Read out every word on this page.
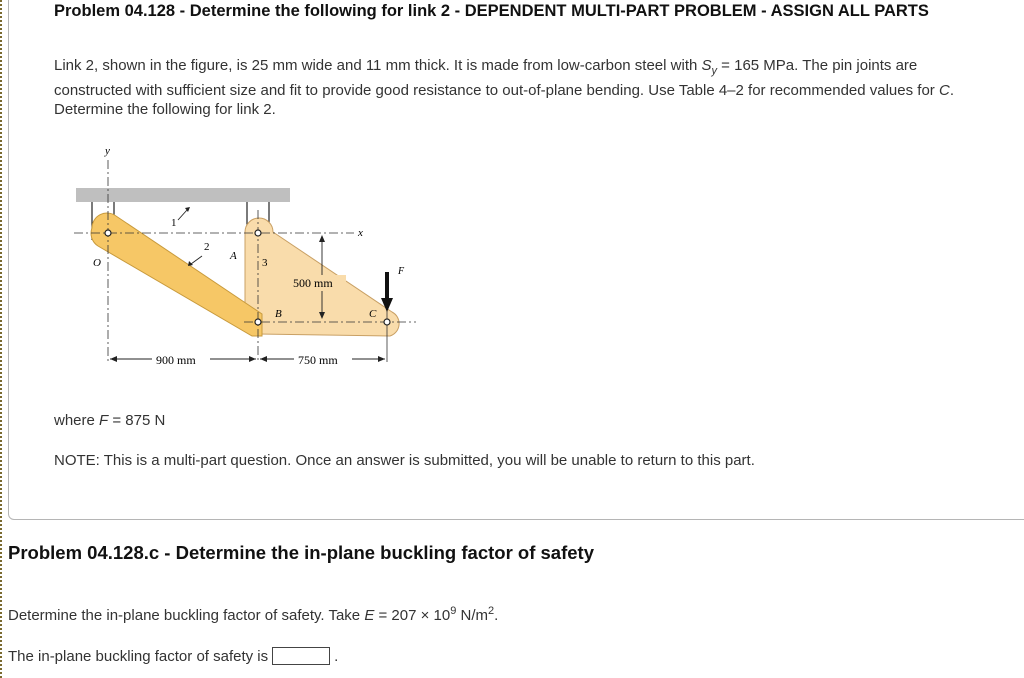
Problem 04.128 - Determine the following for link 2 - DEPENDENT MULTI-PART PROBLEM - ASSIGN ALL PARTS
Link 2, shown in the figure, is 25 mm wide and 11 mm thick. It is made from low-carbon steel with $S_y = 165$ MPa. The pin joints are constructed with sufficient size and fit to provide good resistance to out-of-plane bending. Use Table 4–2 for recommended values for C. Determine the following for link 2.
y
x
O
1
2
A
3
B	C
F
500 mm
900 mm	750 mm
where F = 875 N
NOTE: This is a multi-part question. Once an answer is submitted, you will be unable to return to this part.
Problem 04.128.c - Determine the in-plane buckling factor of safety
Determine the in-plane buckling factor of safety. Take $E = 207 \times 10^9$ $N/m^2$.
The in-plane buckling factor of safety is	.
